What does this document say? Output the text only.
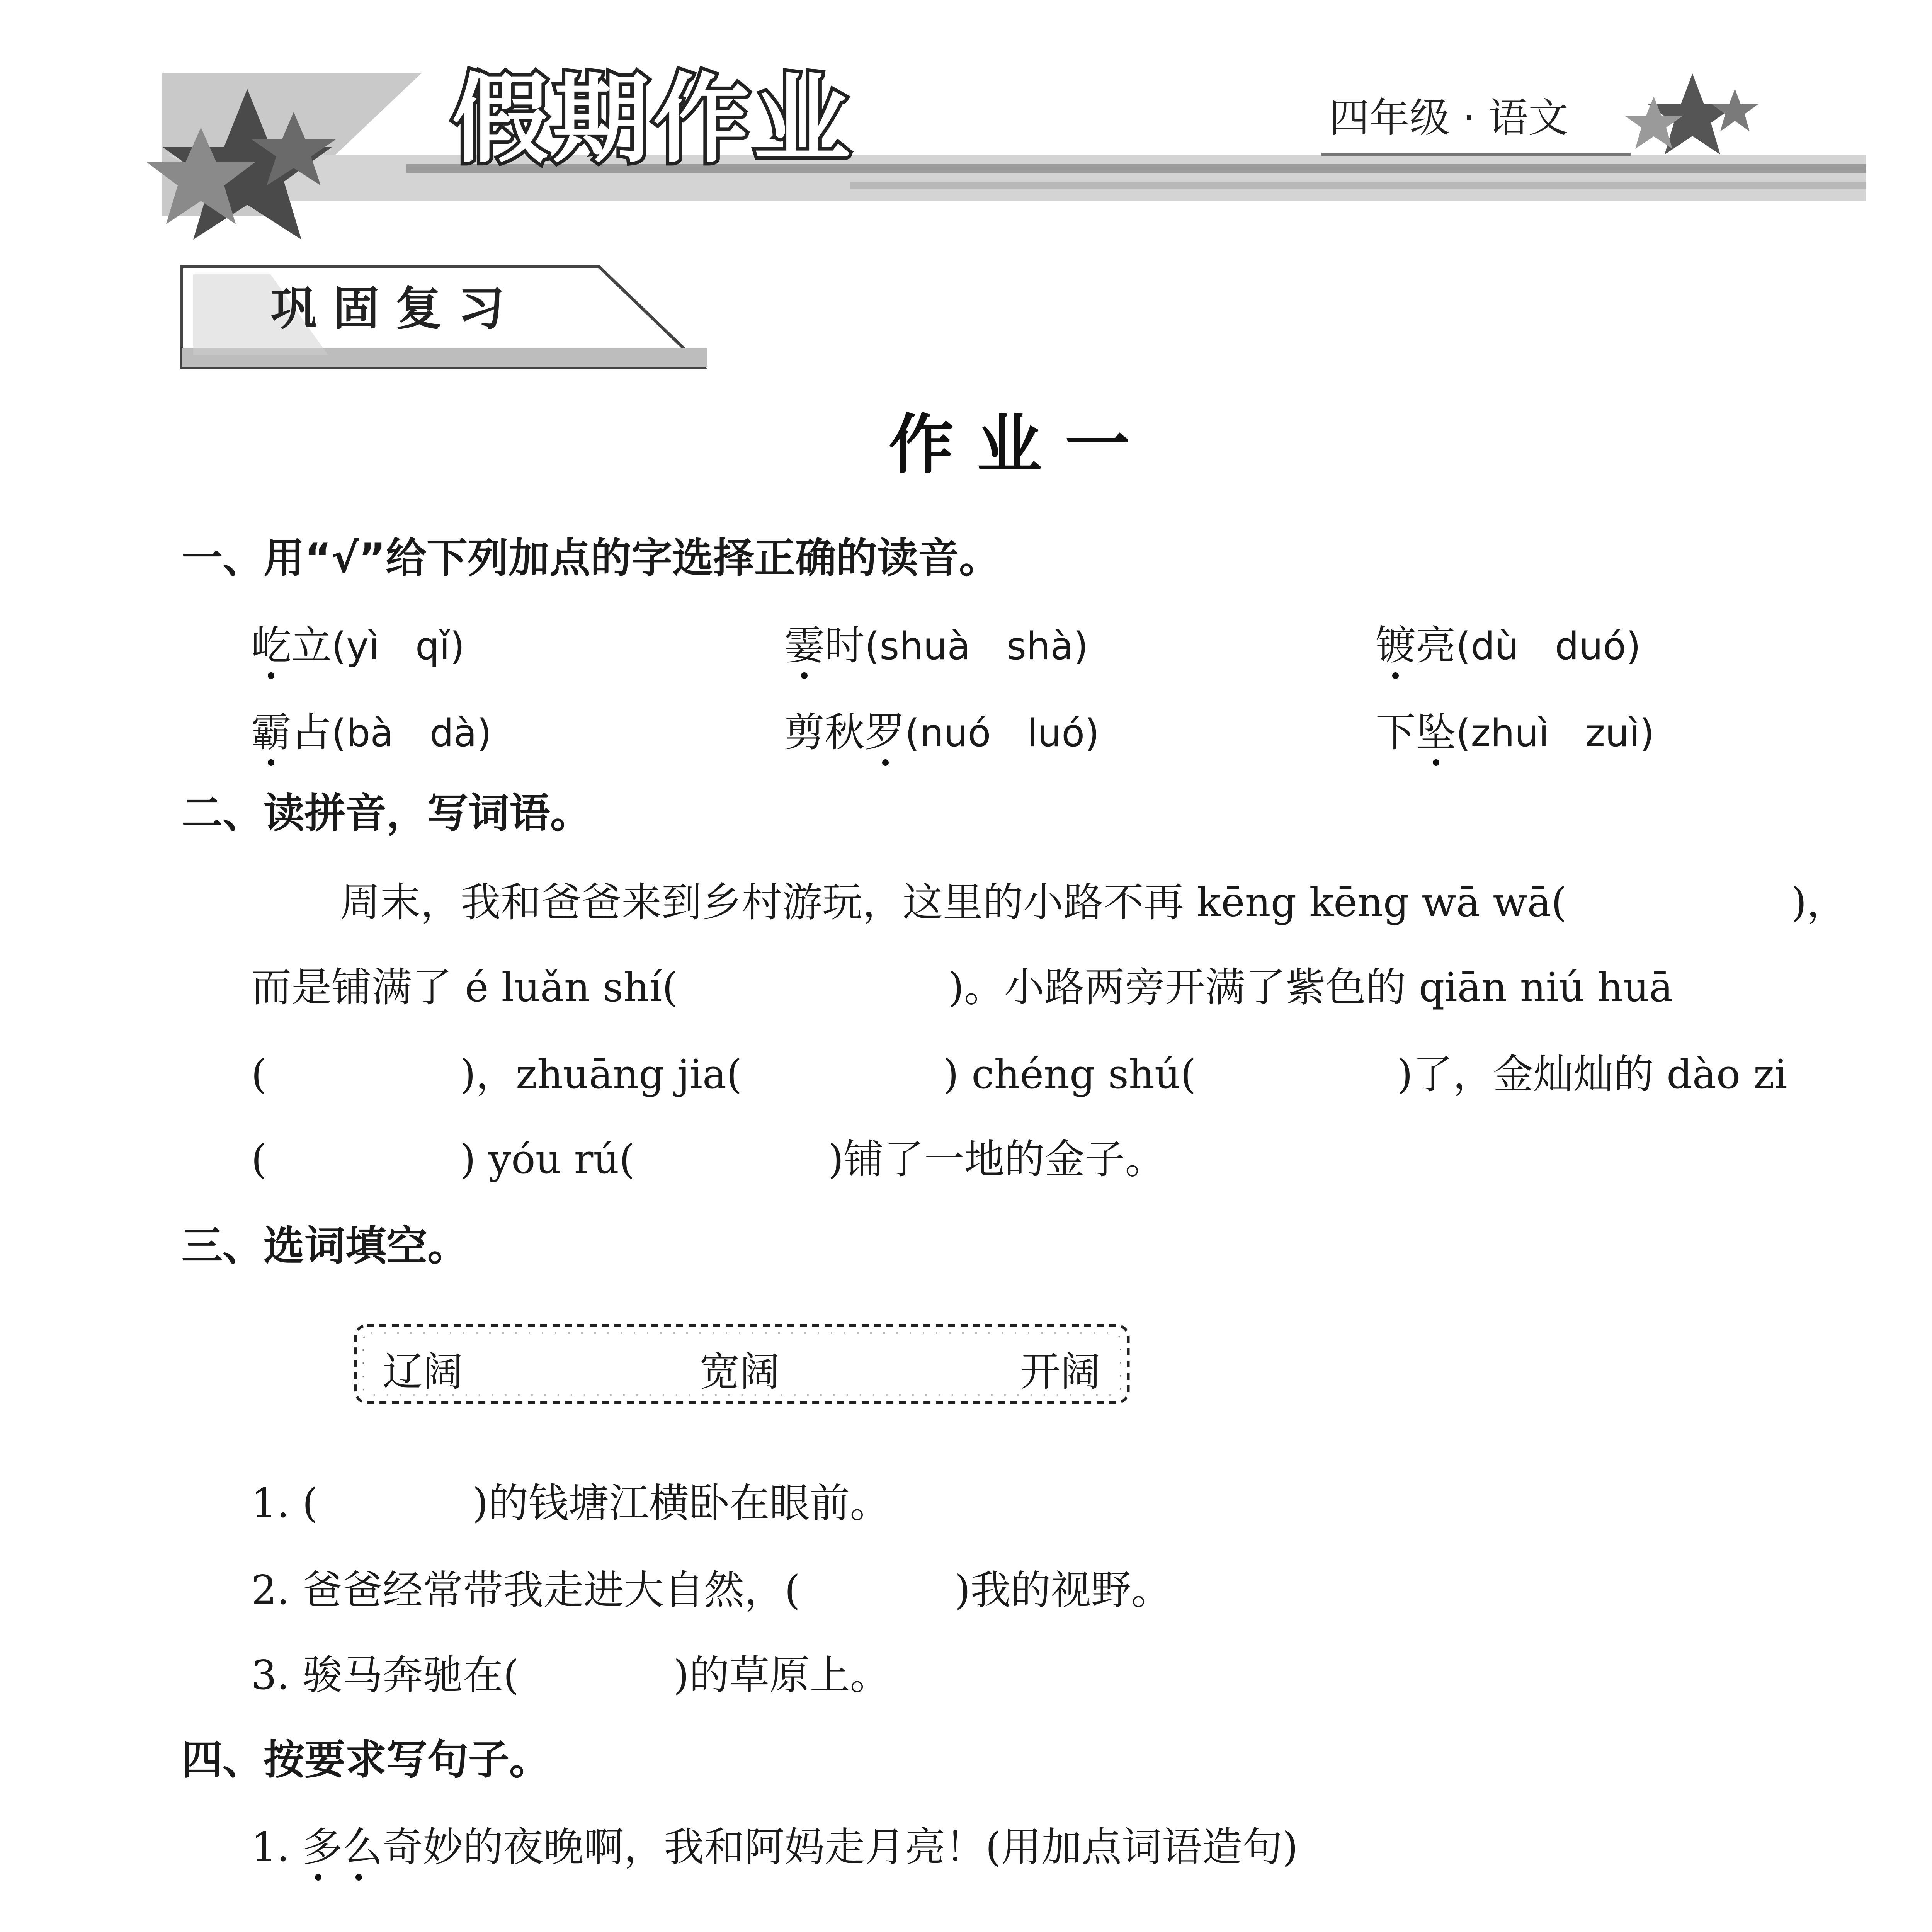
假期作业	四年级 · 语文
巩 固 复 习
作业一
一、用“√”给下列加点的字选择正确的读音。
屹立(yì   qǐ)	霎时(shuà   shà)	镀亮(dù   duó)
霸占(bà   dà)	剪秋罗(nuó   luó)	下坠(zhuì   zuì)
二、读拼音，写词语。
周末，我和爸爸来到乡村游玩，这里的小路不再 kēng kēng wā wā(	)，
而是铺满了 é luǎn shí(	)。小路两旁开满了紫色的 qiān niú huā
(	)，zhuāng jia(	) chéng shú(	)了，金灿灿的 dào zi
(	) yóu rú(	)铺了一地的金子。
三、选词填空。
辽阔	宽阔	开阔
1. (	)的钱塘江横卧在眼前。
2. 爸爸经常带我走进大自然，(	)我的视野。
3. 骏马奔驰在(	)的草原上。
四、按要求写句子。
1. 多么奇妙的夜晚啊，我和阿妈走月亮！(用加点词语造句)
